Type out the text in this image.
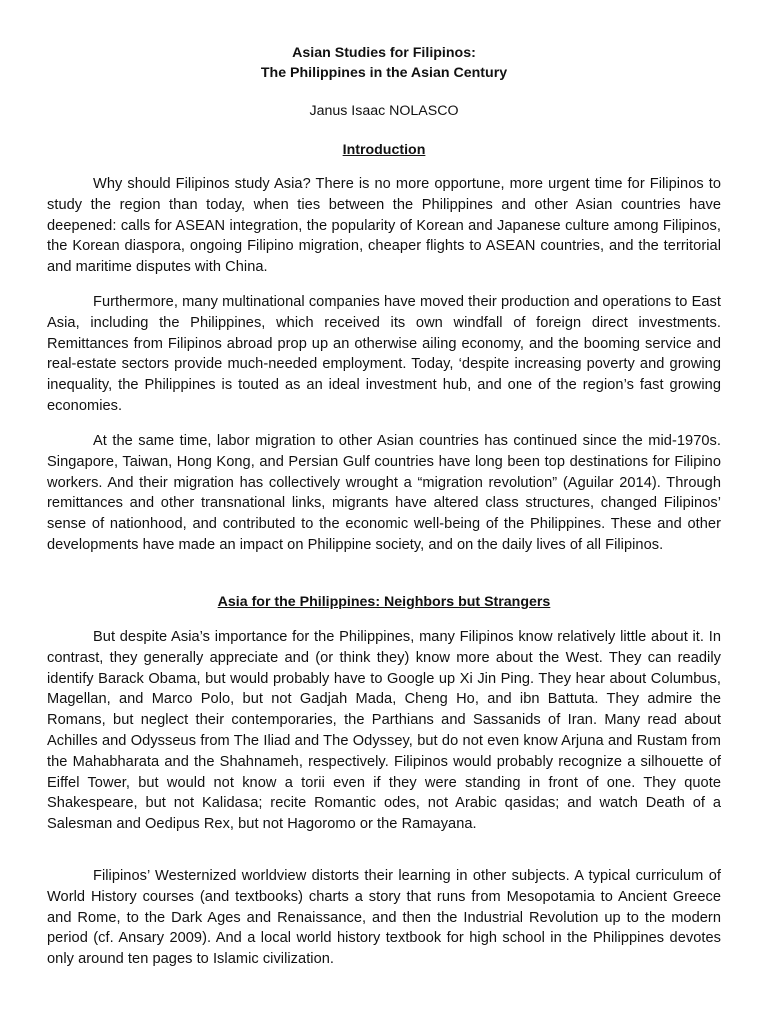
Asian Studies for Filipinos:
The Philippines in the Asian Century
Janus Isaac NOLASCO
Introduction

Why should Filipinos study Asia? There is no more opportune, more urgent time for Filipinos to study the region than today, when ties between the Philippines and other Asian countries have deepened: calls for ASEAN integration, the popularity of Korean and Japanese culture among Filipinos, the Korean diaspora, ongoing Filipino migration, cheaper flights to ASEAN countries, and the territorial and maritime disputes with China.

Furthermore, many multinational companies have moved their production and operations to East Asia, including the Philippines, which received its own windfall of foreign direct investments. Remittances from Filipinos abroad prop up an otherwise ailing economy, and the booming service and real-estate sectors provide much-needed employment. Today, ‘despite increasing poverty and growing inequality, the Philippines is touted as an ideal investment hub, and one of the region’s fast growing economies.

At the same time, labor migration to other Asian countries has continued since the mid-1970s. Singapore, Taiwan, Hong Kong, and Persian Gulf countries have long been top destinations for Filipino workers. And their migration has collectively wrought a “migration revolution” (Aguilar 2014). Through remittances and other transnational links, migrants have altered class structures, changed Filipinos’ sense of nationhood, and contributed to the economic well-being of the Philippines. These and other developments have made an impact on Philippine society, and on the daily lives of all Filipinos.

Asia for the Philippines: Neighbors but Strangers

But despite Asia’s importance for the Philippines, many Filipinos know relatively little about it. In contrast, they generally appreciate and (or think they) know more about the West. They can readily identify Barack Obama, but would probably have to Google up Xi Jin Ping. They hear about Columbus, Magellan, and Marco Polo, but not Gadjah Mada, Cheng Ho, and ibn Battuta. They admire the Romans, but neglect their contemporaries, the Parthians and Sassanids of Iran. Many read about Achilles and Odysseus from The Iliad and The Odyssey, but do not even know Arjuna and Rustam from the Mahabharata and the Shahnameh, respectively. Filipinos would probably recognize a silhouette of Eiffel Tower, but would not know a torii even if they were standing in front of one. They quote Shakespeare, but not Kalidasa; recite Romantic odes, not Arabic qasidas; and watch Death of a Salesman and Oedipus Rex, but not Hagoromo or the Ramayana.

Filipinos’ Westernized worldview distorts their learning in other subjects. A typical curriculum of World History courses (and textbooks) charts a story that runs from Mesopotamia to Ancient Greece and Rome, to the Dark Ages and Renaissance, and then the Industrial Revolution up to the modern period (cf. Ansary 2009). And a local world history textbook for high school in the Philippines devotes only around ten pages to Islamic civilization.
